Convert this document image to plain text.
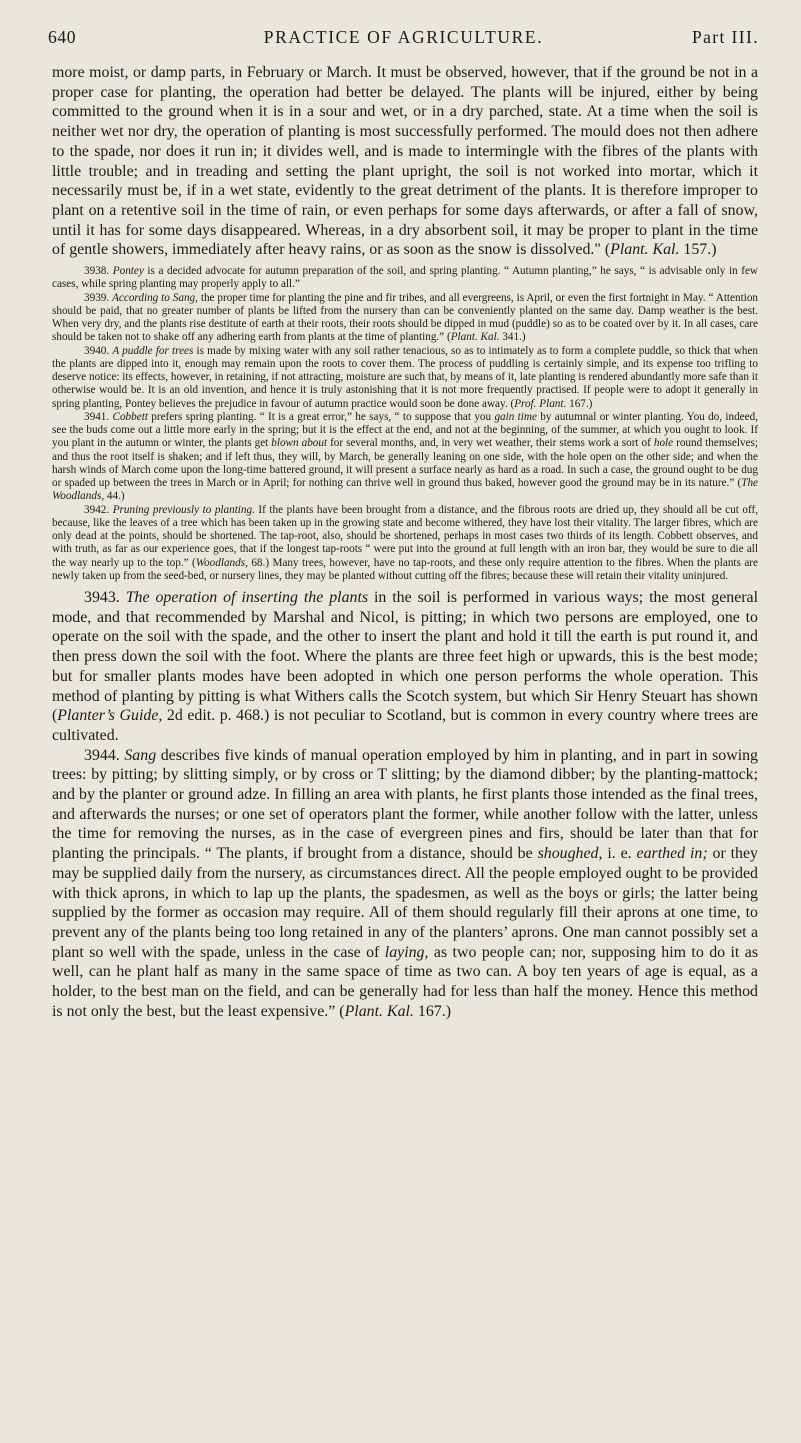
640	PRACTICE OF AGRICULTURE.	Part III.

more moist, or damp parts, in February or March. It must be observed, however, that if the ground be not in a proper case for planting, the operation had better be delayed. The plants will be injured, either by being committed to the ground when it is in a sour and wet, or in a dry parched, state. At a time when the soil is neither wet nor dry, the operation of planting is most successfully performed. The mould does not then adhere to the spade, nor does it run in; it divides well, and is made to intermingle with the fibres of the plants with little trouble; and in treading and setting the plant upright, the soil is not worked into mortar, which it necessarily must be, if in a wet state, evidently to the great detriment of the plants. It is therefore improper to plant on a retentive soil in the time of rain, or even perhaps for some days afterwards, or after a fall of snow, until it has for some days disappeared. Whereas, in a dry absorbent soil, it may be proper to plant in the time of gentle showers, immediately after heavy rains, or as soon as the snow is dissolved." (Plant. Kal. 157.)

3938. Pontey is a decided advocate for autumn preparation of the soil, and spring planting. “ Autumn planting,” he says, “ is advisable only in few cases, while spring planting may properly apply to all.”

3939. According to Sang, the proper time for planting the pine and fir tribes, and all evergreens, is April, or even the first fortnight in May. “ Attention should be paid, that no greater number of plants be lifted from the nursery than can be conveniently planted on the same day. Damp weather is the best. When very dry, and the plants rise destitute of earth at their roots, their roots should be dipped in mud (puddle) so as to be coated over by it. In all cases, care should be taken not to shake off any adhering earth from plants at the time of planting.” (Plant. Kal. 341.)

3940. A puddle for trees is made by mixing water with any soil rather tenacious, so as to intimately as to form a complete puddle, so thick that when the plants are dipped into it, enough may remain upon the roots to cover them. The process of puddling is certainly simple, and its expense too trifling to deserve notice: its effects, however, in retaining, if not attracting, moisture are such that, by means of it, late planting is rendered abundantly more safe than it otherwise would be. It is an old invention, and hence it is truly astonishing that it is not more frequently practised. If people were to adopt it generally in spring planting, Pontey believes the prejudice in favour of autumn practice would soon be done away. (Prof. Plant. 167.)

3941. Cobbett prefers spring planting. “ It is a great error,” he says, “ to suppose that you gain time by autumnal or winter planting. You do, indeed, see the buds come out a little more early in the spring; but it is the effect at the end, and not at the beginning, of the summer, at which you ought to look. If you plant in the autumn or winter, the plants get blown about for several months, and, in very wet weather, their stems work a sort of hole round themselves; and thus the root itself is shaken; and if left thus, they will, by March, be generally leaning on one side, with the hole open on the other side; and when the harsh winds of March come upon the long-time battered ground, it will present a surface nearly as hard as a road. In such a case, the ground ought to be dug or spaded up between the trees in March or in April; for nothing can thrive well in ground thus baked, however good the ground may be in its nature.” (The Woodlands, 44.)

3942. Pruning previously to planting. If the plants have been brought from a distance, and the fibrous roots are dried up, they should all be cut off, because, like the leaves of a tree which has been taken up in the growing state and become withered, they have lost their vitality. The larger fibres, which are only dead at the points, should be shortened. The tap-root, also, should be shortened, perhaps in most cases two thirds of its length. Cobbett observes, and with truth, as far as our experience goes, that if the longest tap-roots “ were put into the ground at full length with an iron bar, they would be sure to die all the way nearly up to the top.” (Woodlands, 68.) Many trees, however, have no tap-roots, and these only require attention to the fibres. When the plants are newly taken up from the seed-bed, or nursery lines, they may be planted without cutting off the fibres; because these will retain their vitality uninjured.

3943. The operation of inserting the plants in the soil is performed in various ways; the most general mode, and that recommended by Marshal and Nicol, is pitting; in which two persons are employed, one to operate on the soil with the spade, and the other to insert the plant and hold it till the earth is put round it, and then press down the soil with the foot. Where the plants are three feet high or upwards, this is the best mode; but for smaller plants modes have been adopted in which one person performs the whole operation. This method of planting by pitting is what Withers calls the Scotch system, but which Sir Henry Steuart has shown (Planter’s Guide, 2d edit. p. 468.) is not peculiar to Scotland, but is common in every country where trees are cultivated.

3944. Sang describes five kinds of manual operation employed by him in planting, and in part in sowing trees: by pitting; by slitting simply, or by cross or T slitting; by the diamond dibber; by the planting-mattock; and by the planter or ground adze. In filling an area with plants, he first plants those intended as the final trees, and afterwards the nurses; or one set of operators plant the former, while another follow with the latter, unless the time for removing the nurses, as in the case of evergreen pines and firs, should be later than that for planting the principals. “ The plants, if brought from a distance, should be shoughed, i. e. earthed in; or they may be supplied daily from the nursery, as circumstances direct. All the people employed ought to be provided with thick aprons, in which to lap up the plants, the spadesmen, as well as the boys or girls; the latter being supplied by the former as occasion may require. All of them should regularly fill their aprons at one time, to prevent any of the plants being too long retained in any of the planters’ aprons. One man cannot possibly set a plant so well with the spade, unless in the case of laying, as two people can; nor, supposing him to do it as well, can he plant half as many in the same space of time as two can. A boy ten years of age is equal, as a holder, to the best man on the field, and can be generally had for less than half the money. Hence this method is not only the best, but the least expensive.” (Plant. Kal. 167.)
